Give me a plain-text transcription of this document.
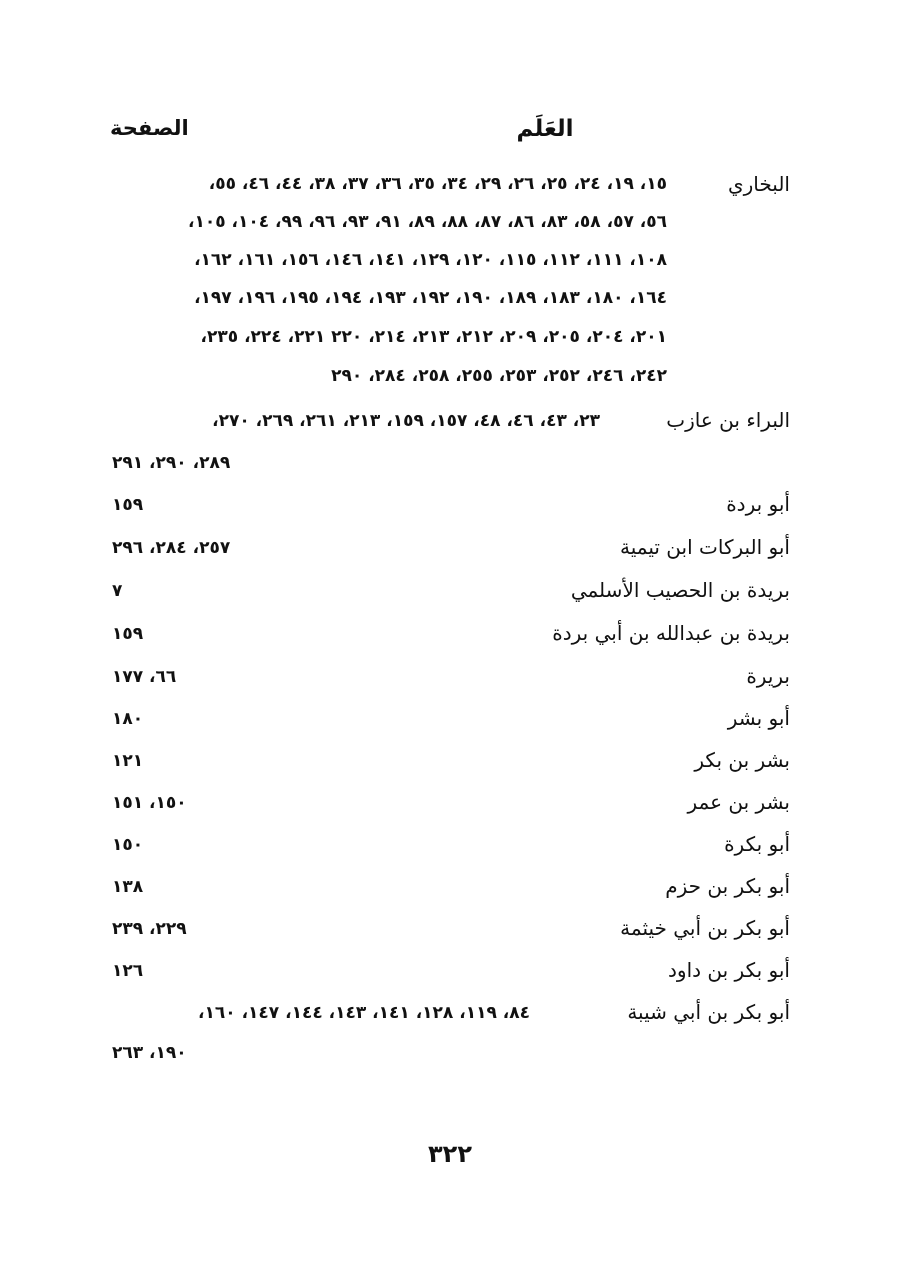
العَلَم
الصفحة
البخاري
١٥، ١٩، ٢٤، ٢٥، ٢٦، ٢٩، ٣٤، ٣٥، ٣٦، ٣٧، ٣٨، ٤٤، ٤٦، ٥٥،
٥٦، ٥٧، ٥٨، ٨٣، ٨٦، ٨٧، ٨٨، ٨٩، ٩١، ٩٣، ٩٦، ٩٩، ١٠٤، ١٠٥،
١٠٨، ١١١، ١١٢، ١١٥، ١٢٠، ١٢٩، ١٤١، ١٤٦، ١٥٦، ١٦١، ١٦٢،
١٦٤، ١٨٠، ١٨٣، ١٨٩، ١٩٠، ١٩٢، ١٩٣، ١٩٤، ١٩٥، ١٩٦، ١٩٧،
٢٠١، ٢٠٤، ٢٠٥، ٢٠٩، ٢١٢، ٢١٣، ٢١٤، ٢٢٠ ٢٢١، ٢٢٤، ٢٣٥،
٢٤٢، ٢٤٦، ٢٥٢، ٢٥٣، ٢٥٥، ٢٥٨، ٢٨٤، ٢٩٠
البراء بن عازب
٢٣، ٤٣، ٤٦، ٤٨، ١٥٧، ١٥٩، ٢١٣، ٢٦١، ٢٦٩، ٢٧٠،
٢٨٩، ٢٩٠، ٢٩١
أبو بردة
١٥٩
أبو البركات ابن تيمية
٢٥٧، ٢٨٤، ٢٩٦
بريدة بن الحصيب الأسلمي
٧
بريدة بن عبدالله بن أبي بردة
١٥٩
بريرة
٦٦، ١٧٧
أبو بشر
١٨٠
بشر بن بكر
١٢١
بشر بن عمر
١٥٠، ١٥١
أبو بكرة
١٥٠
أبو بكر بن حزم
١٣٨
أبو بكر بن أبي خيثمة
٢٢٩، ٢٣٩
أبو بكر بن داود
١٢٦
أبو بكر بن أبي شيبة
٨٤، ١١٩، ١٢٨، ١٤١، ١٤٣، ١٤٤، ١٤٧، ١٦٠،
١٩٠، ٢٦٣
٣٢٢
